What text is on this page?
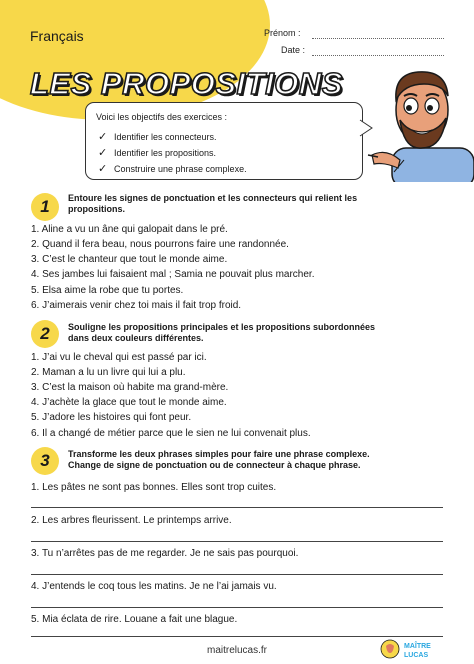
Français	Prénom :
Date :
LES PROPOSITIONS
Voici les objectifs des exercices :
✓ Identifier les connecteurs.
✓ Identifier les propositions.
✓ Construire une phrase complexe.
1	Entoure les signes de ponctuation et les connecteurs qui relient les propositions.
1. Aline a vu un âne qui galopait dans le pré.
2. Quand il fera beau, nous pourrons faire une randonnée.
3. C’est le chanteur que tout le monde aime.
4. Ses jambes lui faisaient mal ; Samia ne pouvait plus marcher.
5. Elsa aime la robe que tu portes.
6. J’aimerais venir chez toi mais il fait trop froid.
2	Souligne les propositions principales et les propositions subordonnées dans deux couleurs différentes.
1. J’ai vu le cheval qui est passé par ici.
2. Maman a lu un livre qui lui a plu.
3. C’est la maison où habite ma grand-mère.
4. J’achète la glace que tout le monde aime.
5. J’adore les histoires qui font peur.
6. Il a changé de métier parce que le sien ne lui convenait plus.
3	Transforme les deux phrases simples pour faire une phrase complexe.
Change de signe de ponctuation ou de connecteur à chaque phrase.
1. Les pâtes ne sont pas bonnes. Elles sont trop cuites.
2. Les arbres fleurissent. Le printemps arrive.
3. Tu n’arrêtes pas de me regarder. Je ne sais pas pourquoi.
4. J’entends le coq tous les matins. Je ne l’ai jamais vu.
5. Mia éclata de rire. Louane a fait une blague.
maitrelucas.fr	MAÎTRE
LUCAS
